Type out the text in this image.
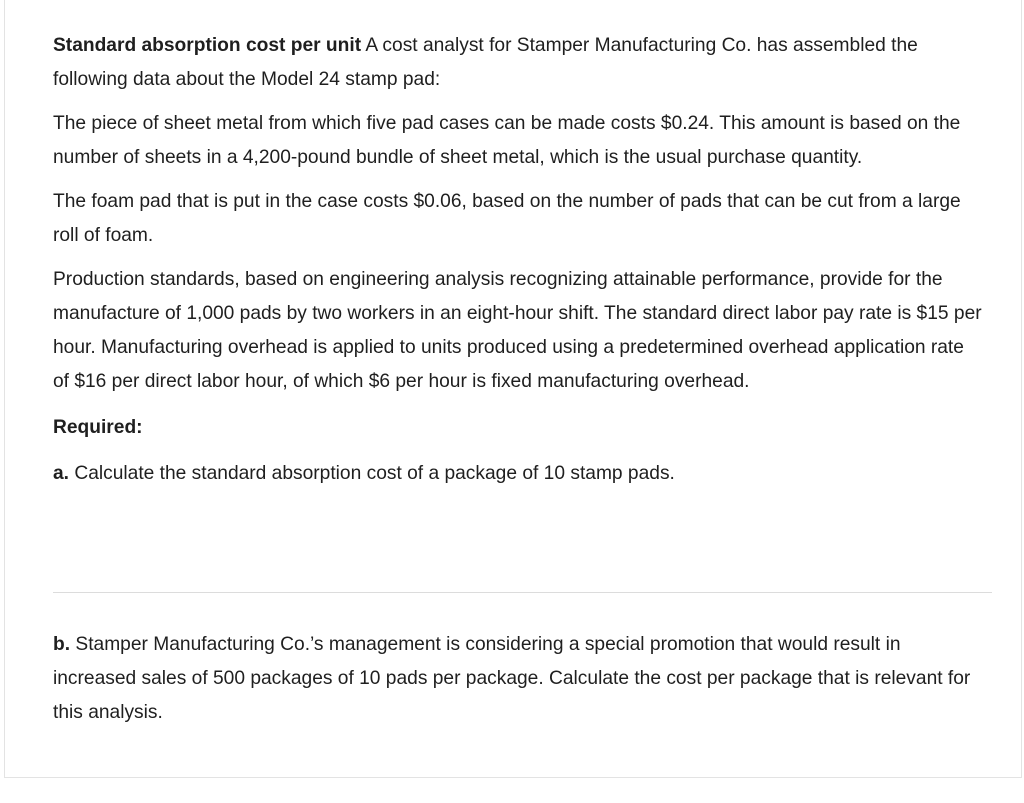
Standard absorption cost per unit A cost analyst for Stamper Manufacturing Co. has assembled the following data about the Model 24 stamp pad:

The piece of sheet metal from which five pad cases can be made costs $0.24. This amount is based on the number of sheets in a 4,200-pound bundle of sheet metal, which is the usual purchase quantity.

The foam pad that is put in the case costs $0.06, based on the number of pads that can be cut from a large roll of foam.

Production standards, based on engineering analysis recognizing attainable performance, provide for the manufacture of 1,000 pads by two workers in an eight-hour shift. The standard direct labor pay rate is $15 per hour. Manufacturing overhead is applied to units produced using a predetermined overhead application rate of $16 per direct labor hour, of which $6 per hour is fixed manufacturing overhead.

Required:

a. Calculate the standard absorption cost of a package of 10 stamp pads.

b. Stamper Manufacturing Co.’s management is considering a special promotion that would result in increased sales of 500 packages of 10 pads per package. Calculate the cost per package that is relevant for this analysis.
